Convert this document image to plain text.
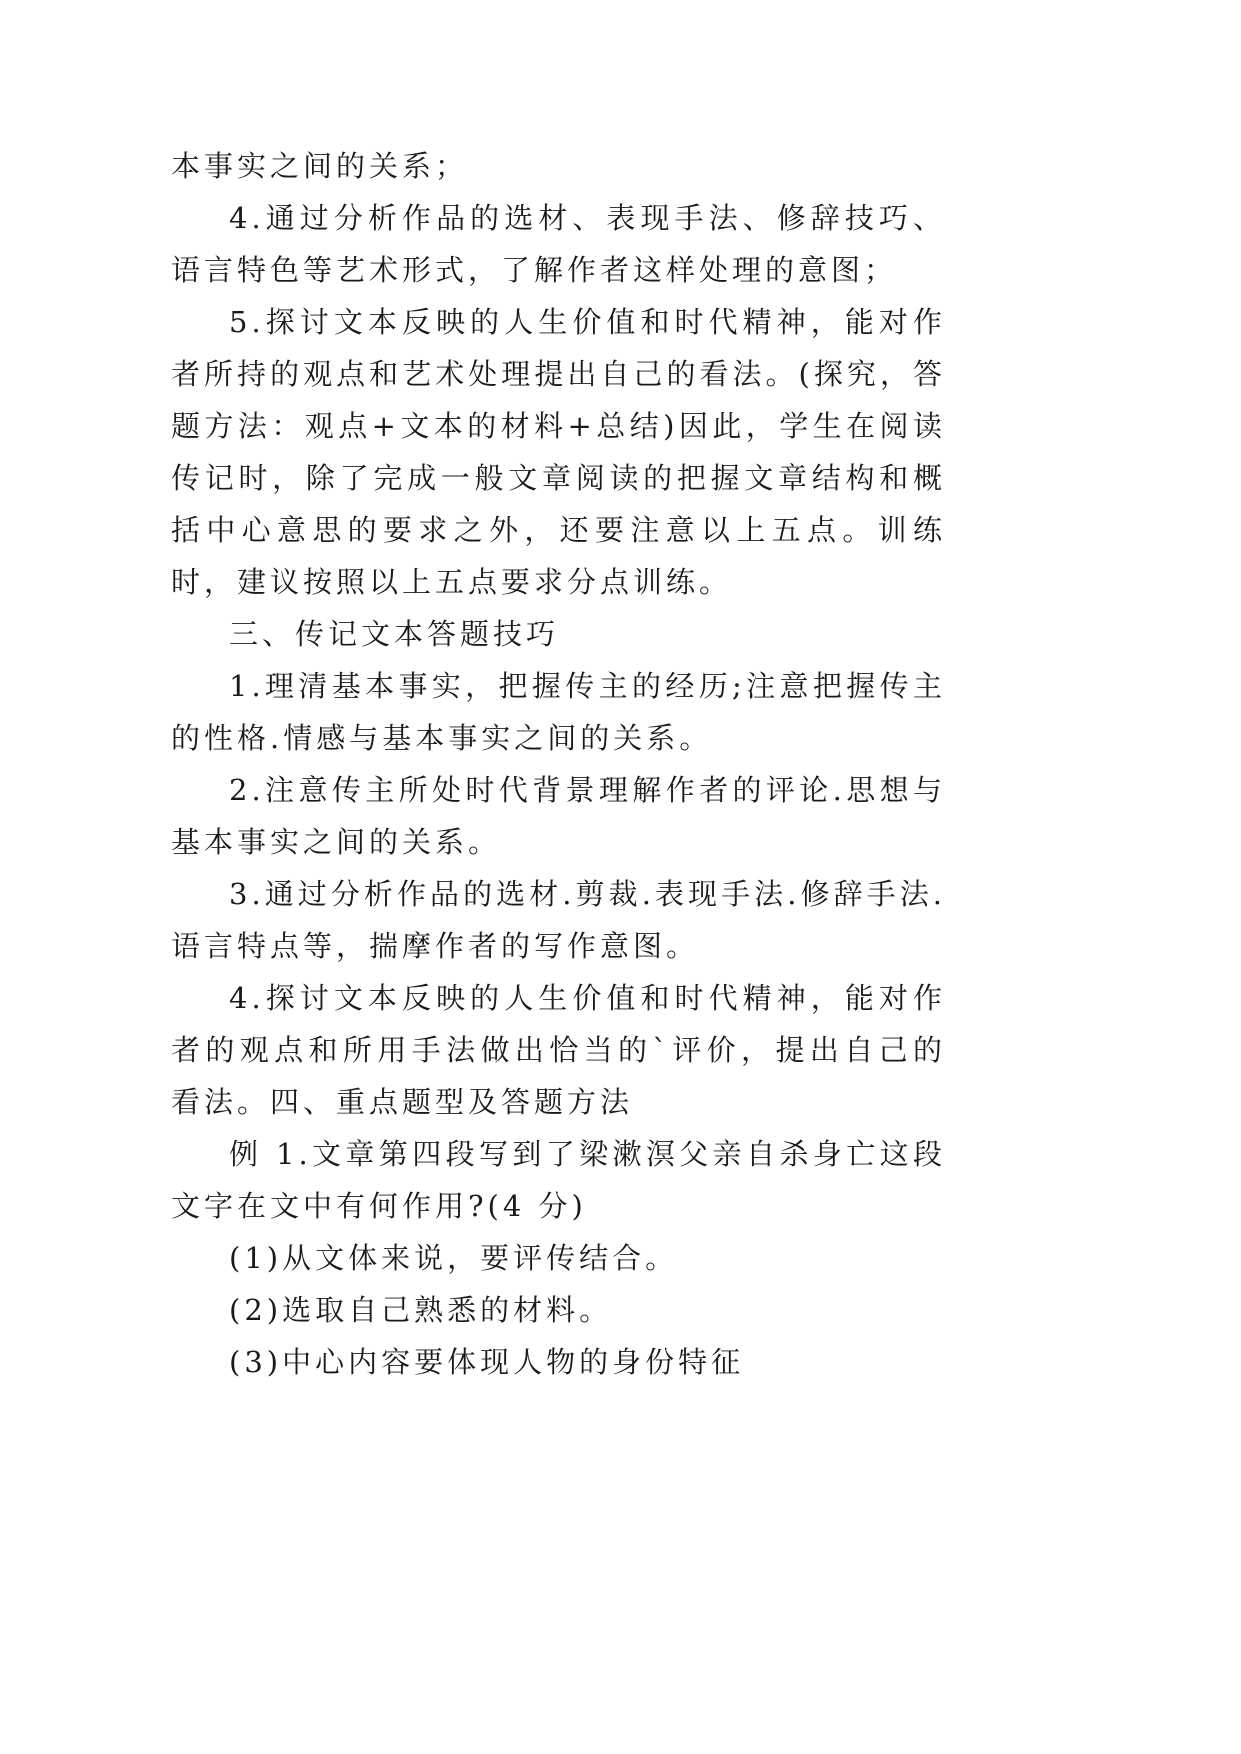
本事实之间的关系；

4.通过分析作品的选材、表现手法、修辞技巧、语言特色等艺术形式，了解作者这样处理的意图；

5.探讨文本反映的人生价值和时代精神，能对作者所持的观点和艺术处理提出自己的看法。(探究，答题方法：观点+文本的材料+总结)因此，学生在阅读传记时，除了完成一般文章阅读的把握文章结构和概括中心意思的要求之外，还要注意以上五点。训练时，建议按照以上五点要求分点训练。

三、传记文本答题技巧

1.理清基本事实，把握传主的经历;注意把握传主的性格.情感与基本事实之间的关系。

2.注意传主所处时代背景理解作者的评论.思想与基本事实之间的关系。

3.通过分析作品的选材.剪裁.表现手法.修辞手法.语言特点等，揣摩作者的写作意图。

4.探讨文本反映的人生价值和时代精神，能对作者的观点和所用手法做出恰当的`评价，提出自己的看法。四、重点题型及答题方法

例 1.文章第四段写到了梁漱溟父亲自杀身亡这段文字在文中有何作用?(4 分)

(1)从文体来说，要评传结合。

(2)选取自己熟悉的材料。

(3)中心内容要体现人物的身份特征
